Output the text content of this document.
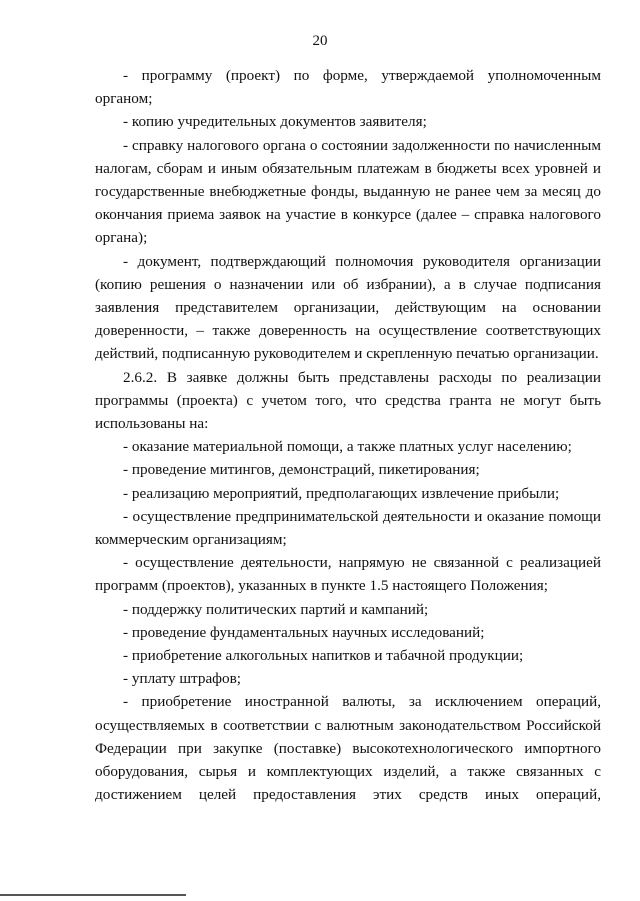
20

- программу (проект) по форме, утверждаемой уполномоченным органом;

- копию учредительных документов заявителя;

- справку налогового органа о состоянии задолженности по начисленным налогам, сборам и иным обязательным платежам в бюджеты всех уровней и государственные внебюджетные фонды, выданную не ранее чем за месяц до окончания приема заявок на участие в конкурсе (далее – справка налогового органа);

- документ, подтверждающий полномочия руководителя организации (копию решения о назначении или об избрании), а в случае подписания заявления представителем организации, действующим на основании доверенности, – также доверенность на осуществление соответствующих действий, подписанную руководителем и скрепленную печатью организации.

2.6.2. В заявке должны быть представлены расходы по реализации программы (проекта) с учетом того, что средства гранта не могут быть использованы на:

- оказание материальной помощи, а также платных услуг населению;

- проведение митингов, демонстраций, пикетирования;

- реализацию мероприятий, предполагающих извлечение прибыли;

- осуществление предпринимательской деятельности и оказание помощи коммерческим организациям;

- осуществление деятельности, напрямую не связанной с реализацией программ (проектов), указанных в пункте 1.5 настоящего Положения;

- поддержку политических партий и кампаний;

- проведение фундаментальных научных исследований;

- приобретение алкогольных напитков и табачной продукции;

- уплату штрафов;

- приобретение иностранной валюты, за исключением операций, осуществляемых в соответствии с валютным законодательством Российской Федерации при закупке (поставке) высокотехнологического импортного оборудования, сырья и комплектующих изделий, а также связанных с достижением целей предоставления этих средств иных операций,
